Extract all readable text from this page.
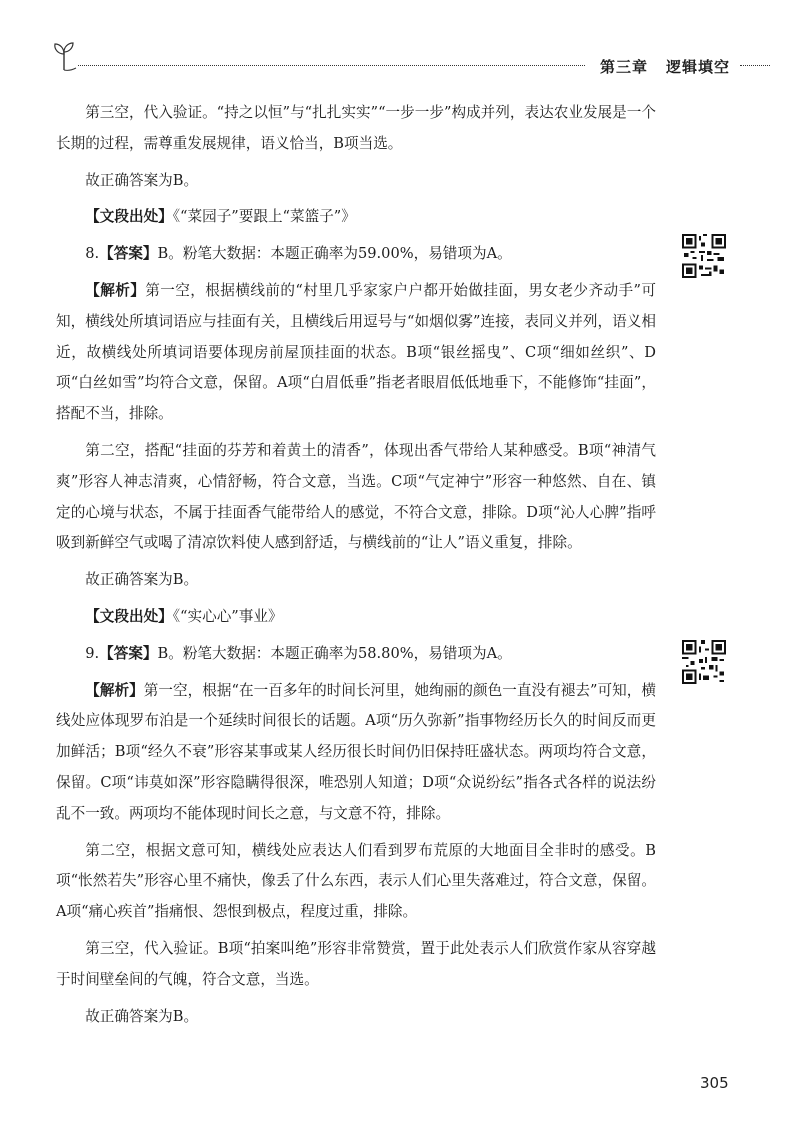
第三章 逻辑填空

第三空，代入验证。“持之以恒”与“扎扎实实”“一步一步”构成并列，表达农业发展是一个长期的过程，需尊重发展规律，语义恰当，B项当选。

故正确答案为B。

【文段出处】《“菜园子”要跟上“菜篮子”》

8.【答案】B。粉笔大数据：本题正确率为59.00%，易错项为A。

【解析】第一空，根据横线前的“村里几乎家家户户都开始做挂面，男女老少齐动手”可知，横线处所填词语应与挂面有关，且横线后用逗号与“如烟似雾”连接，表同义并列，语义相近，故横线处所填词语要体现房前屋顶挂面的状态。B项“银丝摇曳”、C项“细如丝织”、D项“白丝如雪”均符合文意，保留。A项“白眉低垂”指老者眼眉低低地垂下，不能修饰“挂面”，搭配不当，排除。

第二空，搭配“挂面的芬芳和着黄土的清香”，体现出香气带给人某种感受。B项“神清气爽”形容人神志清爽，心情舒畅，符合文意，当选。C项“气定神宁”形容一种悠然、自在、镇定的心境与状态，不属于挂面香气能带给人的感觉，不符合文意，排除。D项“沁人心脾”指呼吸到新鲜空气或喝了清凉饮料使人感到舒适，与横线前的“让人”语义重复，排除。

故正确答案为B。

【文段出处】《“实心心”事业》

9.【答案】B。粉笔大数据：本题正确率为58.80%，易错项为A。

【解析】第一空，根据“在一百多年的时间长河里，她绚丽的颜色一直没有褪去”可知，横线处应体现罗布泊是一个延续时间很长的话题。A项“历久弥新”指事物经历长久的时间反而更加鲜活；B项“经久不衰”形容某事或某人经历很长时间仍旧保持旺盛状态。两项均符合文意，保留。C项“讳莫如深”形容隐瞒得很深，唯恐别人知道；D项“众说纷纭”指各式各样的说法纷乱不一致。两项均不能体现时间长之意，与文意不符，排除。

第二空，根据文意可知，横线处应表达人们看到罗布荒原的大地面目全非时的感受。B项“怅然若失”形容心里不痛快，像丢了什么东西，表示人们心里失落难过，符合文意，保留。A项“痛心疾首”指痛恨、怨恨到极点，程度过重，排除。

第三空，代入验证。B项“拍案叫绝”形容非常赞赏，置于此处表示人们欣赏作家从容穿越于时间壁垒间的气魄，符合文意，当选。

故正确答案为B。

305
